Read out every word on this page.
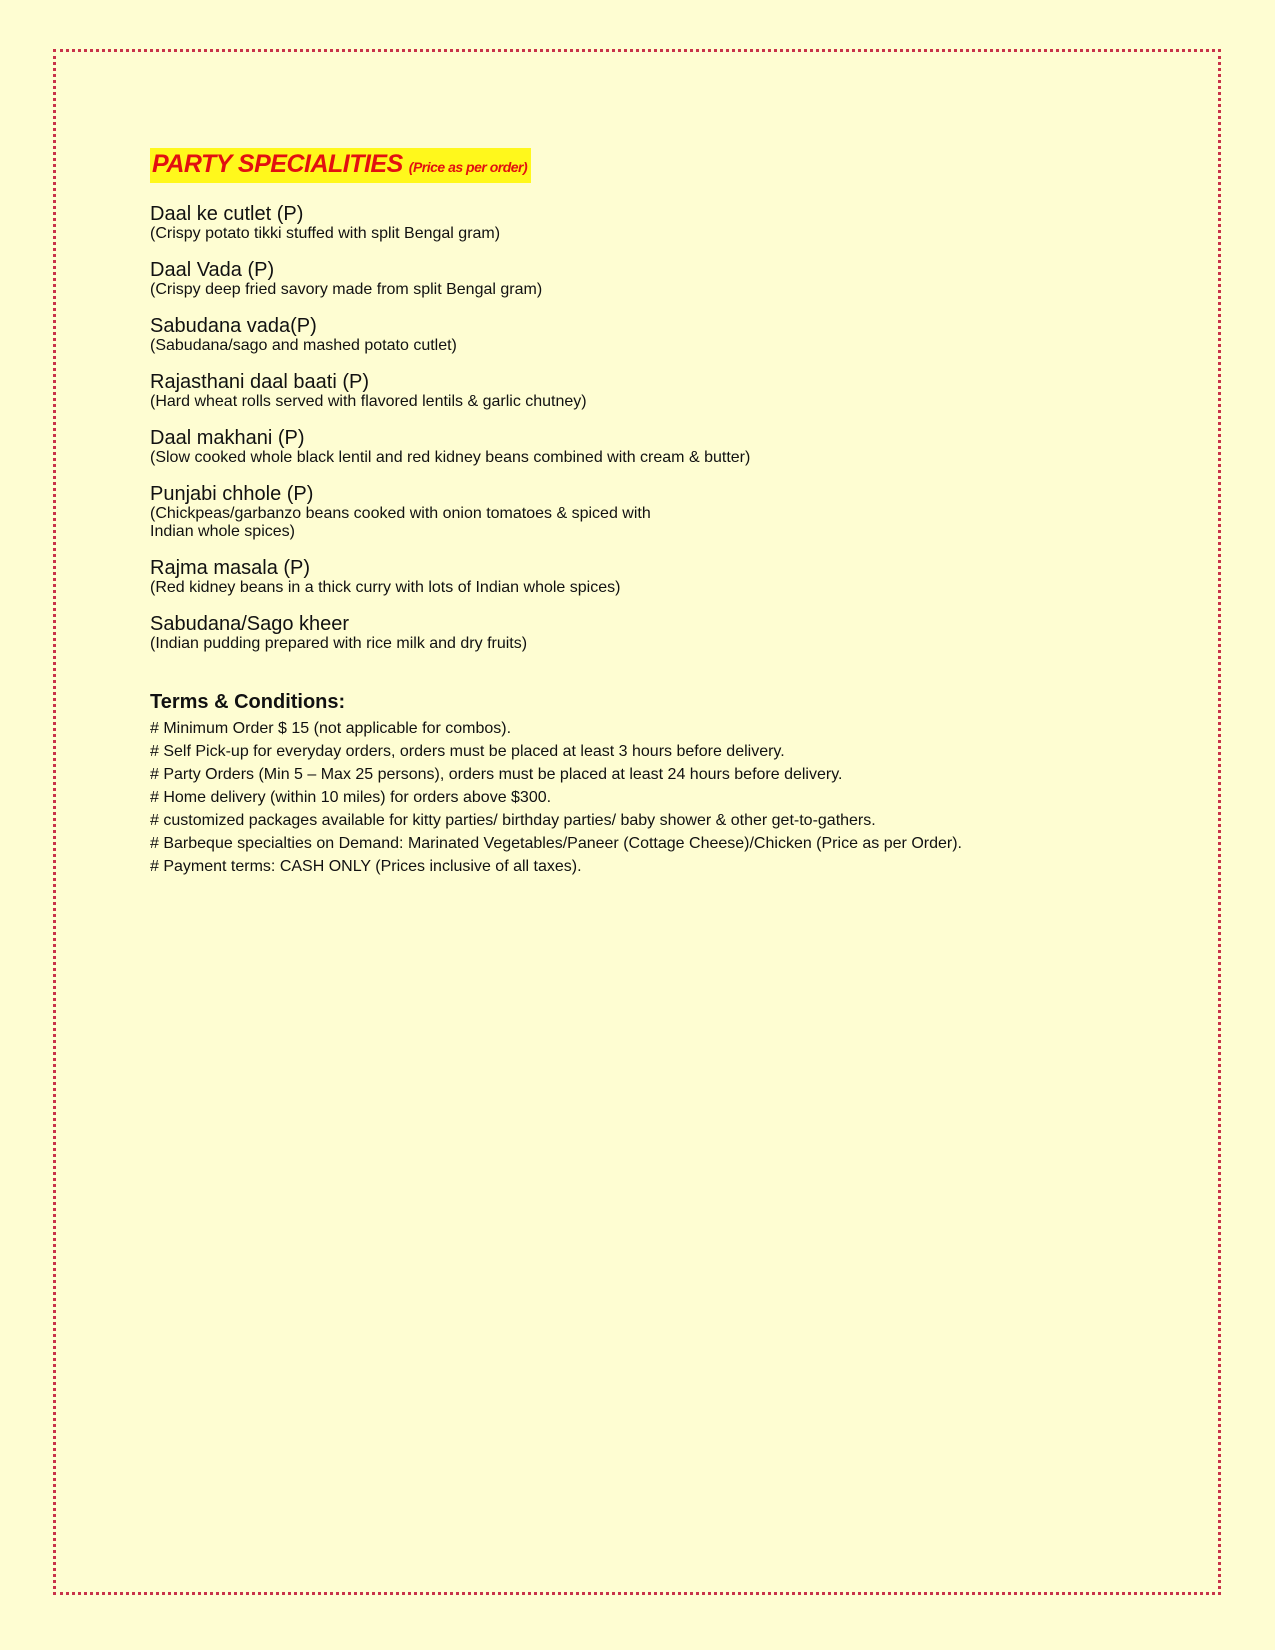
PARTY SPECIALITIES (Price as per order)
Daal ke cutlet (P)
(Crispy potato tikki stuffed with split Bengal gram)
Daal Vada (P)
(Crispy deep fried savory made from split Bengal gram)
Sabudana vada(P)
(Sabudana/sago and mashed potato cutlet)
Rajasthani daal baati (P)
(Hard wheat rolls served with flavored lentils & garlic chutney)
Daal makhani (P)
(Slow cooked whole black lentil and red kidney beans combined with cream & butter)
Punjabi chhole (P)
(Chickpeas/garbanzo beans cooked with onion tomatoes & spiced with
Indian whole spices)
Rajma masala (P)
(Red kidney beans in a thick curry with lots of Indian whole spices)
Sabudana/Sago kheer
(Indian pudding prepared with rice milk and dry fruits)
Terms & Conditions:
# Minimum Order $ 15 (not applicable for combos).
# Self Pick-up for everyday orders, orders must be placed at least 3 hours before delivery.
# Party Orders (Min 5 – Max 25 persons), orders must be placed at least 24 hours before delivery.
# Home delivery (within 10 miles) for orders above $300.
# customized packages available for kitty parties/ birthday parties/ baby shower & other get-to-gathers.
# Barbeque specialties on Demand: Marinated Vegetables/Paneer (Cottage Cheese)/Chicken (Price as per Order).
# Payment terms: CASH ONLY (Prices inclusive of all taxes).
